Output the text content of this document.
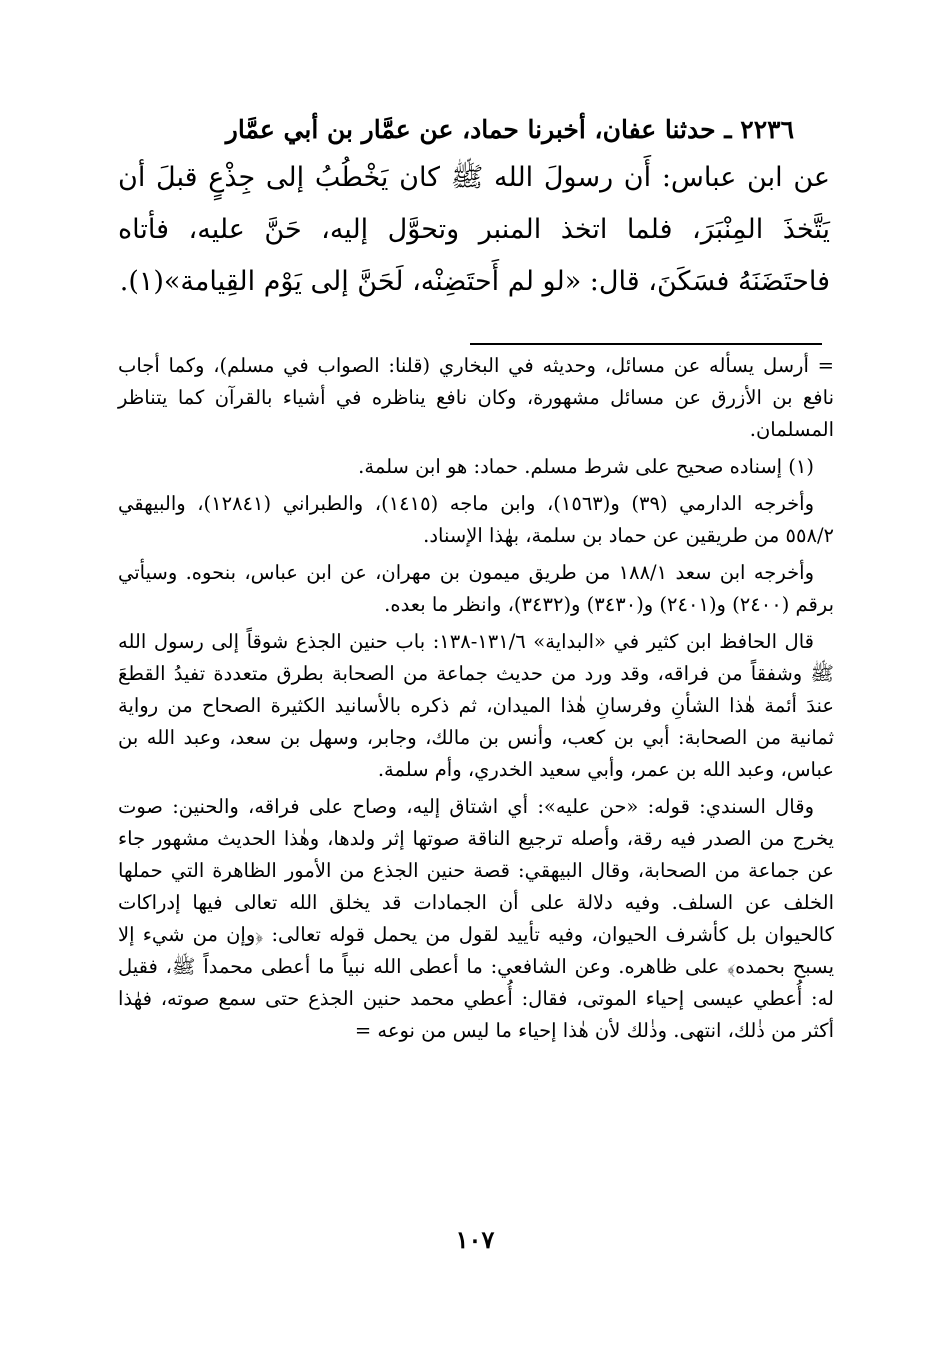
٢٢٣٦ ـ حدثنا عفان، أخبرنا حماد، عن عمَّار بن أبي عمَّار
عن ابن عباس: أَن رسولَ الله ﷺ كان يَخْطُبُ إلى جِذْعٍ قبلَ أن يَتَّخذَ المِنْبَرَ، فلما اتخذ المنبر وتحوَّل إليه، حَنَّ عليه، فأتاه فاحتَضَنَهُ فسَكَنَ، قال: «لو لم أَحتَضِنْه، لَحَنَّ إلى يَوْم القِيامة»(١).

= أرسل يسأله عن مسائل، وحديثه في البخاري (قلنا: الصواب في مسلم)، وكما أجاب نافع بن الأزرق عن مسائل مشهورة، وكان نافع يناظره في أشياء بالقرآن كما يتناظر المسلمان.

(١) إسناده صحيح على شرط مسلم. حماد: هو ابن سلمة.

وأخرجه الدارمي (٣٩) و(١٥٦٣)، وابن ماجه (١٤١٥)، والطبراني (١٢٨٤١)، والبيهقي ٥٥٨/٢ من طريقين عن حماد بن سلمة، بهٰذا الإسناد.

وأخرجه ابن سعد ١٨٨/١ من طريق ميمون بن مهران، عن ابن عباس، بنحوه. وسيأتي برقم (٢٤٠٠) و(٢٤٠١) و(٣٤٣٠) و(٣٤٣٢)، وانظر ما بعده.

قال الحافظ ابن كثير في «البداية» ١٣١/٦-١٣٨: باب حنين الجذع شوقاً إلى رسول الله ﷺ وشفقاً من فراقه، وقد ورد من حديث جماعة من الصحابة بطرق متعددة تفيدُ القطعَ عندَ أئمة هٰذا الشأنِ وفرسانِ هٰذا الميدان، ثم ذكره بالأسانيد الكثيرة الصحاح من رواية ثمانية من الصحابة: أبي بن كعب، وأنس بن مالك، وجابر، وسهل بن سعد، وعبد الله بن عباس، وعبد الله بن عمر، وأبي سعيد الخدري، وأم سلمة.

وقال السندي: قوله: «حن عليه»: أي اشتاق إليه، وصاح على فراقه، والحنين: صوت يخرج من الصدر فيه رقة، وأصله ترجيع الناقة صوتها إثر ولدها، وهٰذا الحديث مشهور جاء عن جماعة من الصحابة، وقال البيهقي: قصة حنين الجذع من الأمور الظاهرة التي حملها الخلف عن السلف. وفيه دلالة على أن الجمادات قد يخلق الله تعالى فيها إدراكات كالحيوان بل كأشرف الحيوان، وفيه تأييد لقول من يحمل قوله تعالى: ﴿وإن من شيء إلا يسبح بحمده﴾ على ظاهره. وعن الشافعي: ما أعطى الله نبياً ما أعطى محمداً ﷺ، فقيل له: أُعطي عيسى إحياء الموتى، فقال: أُعطي محمد حنين الجذع حتى سمع صوته، فهٰذا أكثر من ذٰلك، انتهى. وذٰلك لأن هٰذا إحياء ما ليس من نوعه =

١٠٧
